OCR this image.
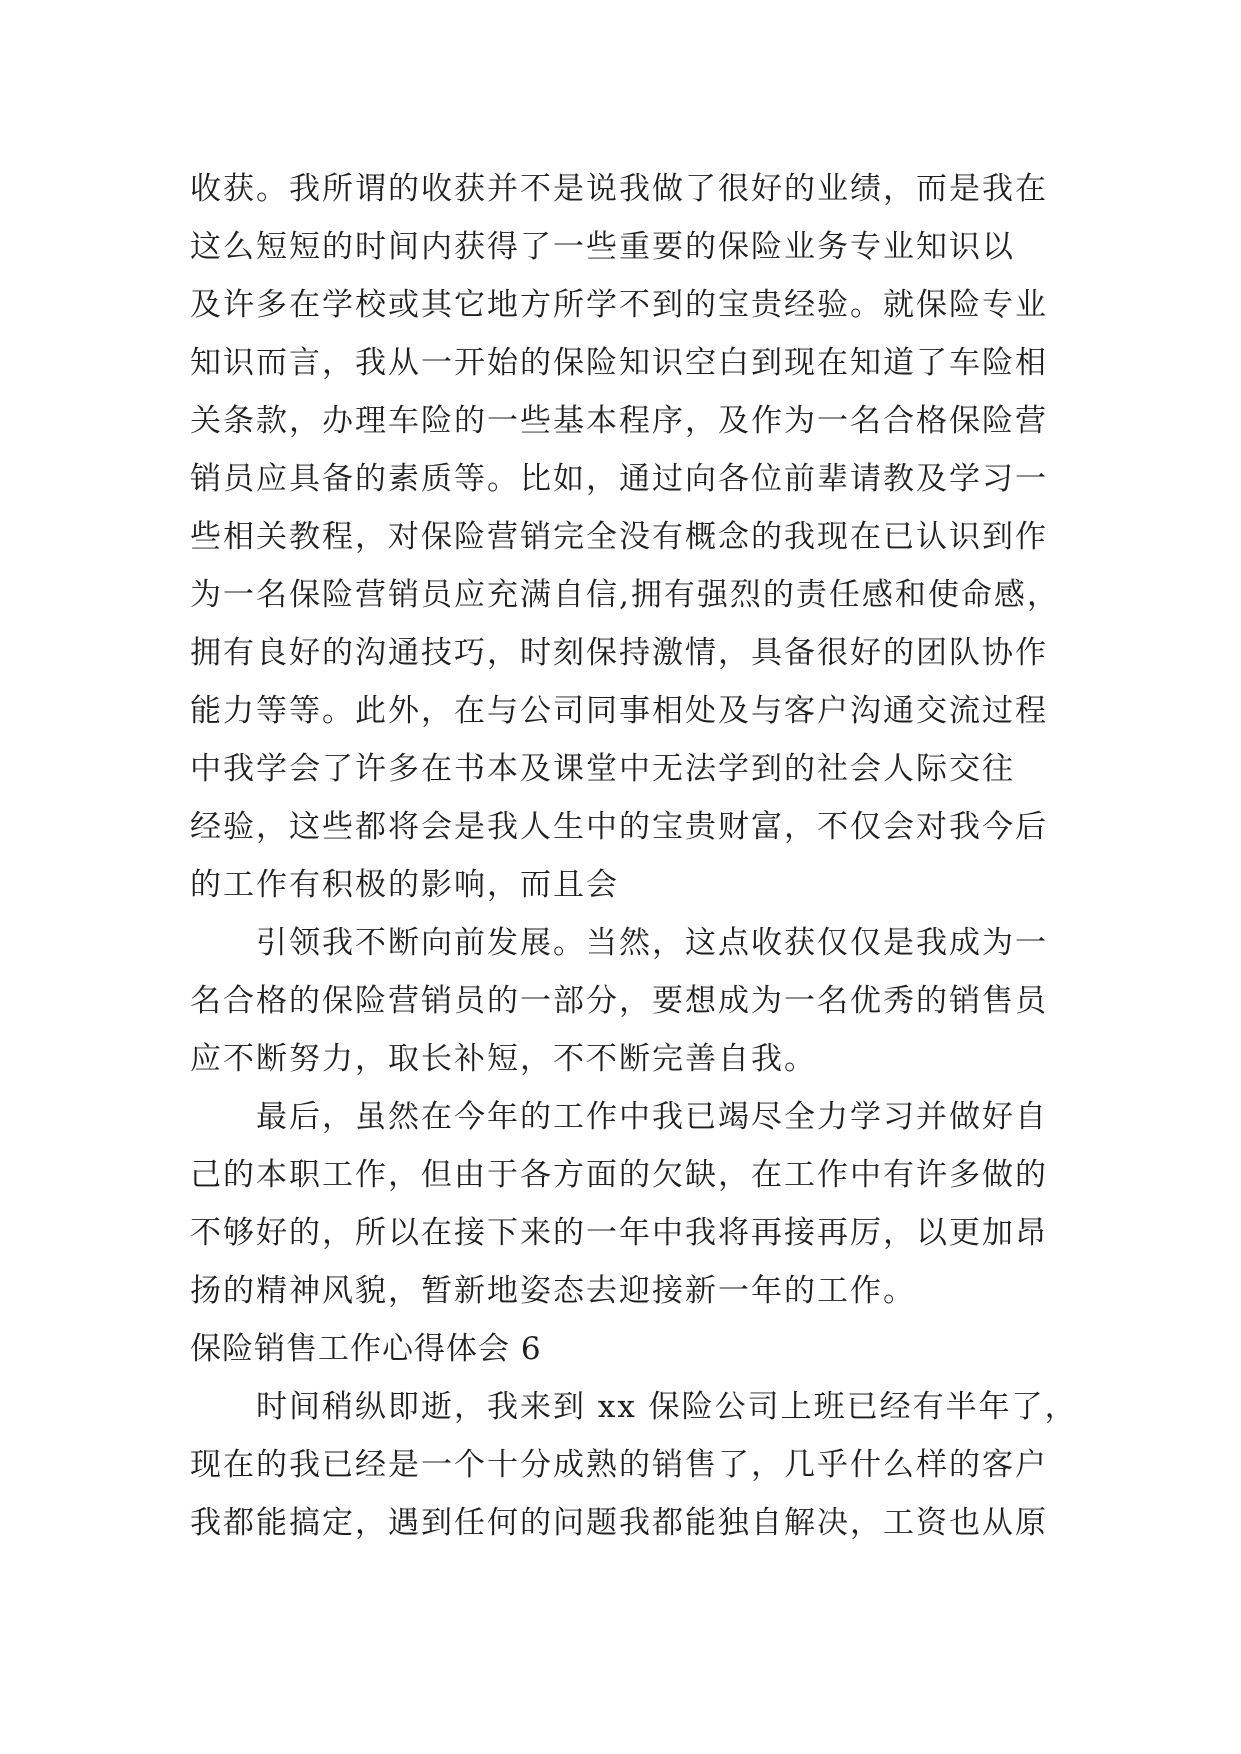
收获。我所谓的收获并不是说我做了很好的业绩，而是我在
这么短短的时间内获得了一些重要的保险业务专业知识以
及许多在学校或其它地方所学不到的宝贵经验。就保险专业
知识而言，我从一开始的保险知识空白到现在知道了车险相
关条款，办理车险的一些基本程序，及作为一名合格保险营
销员应具备的素质等。比如，通过向各位前辈请教及学习一
些相关教程，对保险营销完全没有概念的我现在已认识到作
为一名保险营销员应充满自信,拥有强烈的责任感和使命感，
拥有良好的沟通技巧，时刻保持激情，具备很好的团队协作
能力等等。此外，在与公司同事相处及与客户沟通交流过程
中我学会了许多在书本及课堂中无法学到的社会人际交往
经验，这些都将会是我人生中的宝贵财富，不仅会对我今后
的工作有积极的影响，而且会
引领我不断向前发展。当然，这点收获仅仅是我成为一
名合格的保险营销员的一部分，要想成为一名优秀的销售员
应不断努力，取长补短，不不断完善自我。
最后，虽然在今年的工作中我已竭尽全力学习并做好自
己的本职工作，但由于各方面的欠缺，在工作中有许多做的
不够好的，所以在接下来的一年中我将再接再厉，以更加昂
扬的精神风貌，暂新地姿态去迎接新一年的工作。
保险销售工作心得体会 6
时间稍纵即逝，我来到 xx 保险公司上班已经有半年了，
现在的我已经是一个十分成熟的销售了，几乎什么样的客户
我都能搞定，遇到任何的问题我都能独自解决，工资也从原
